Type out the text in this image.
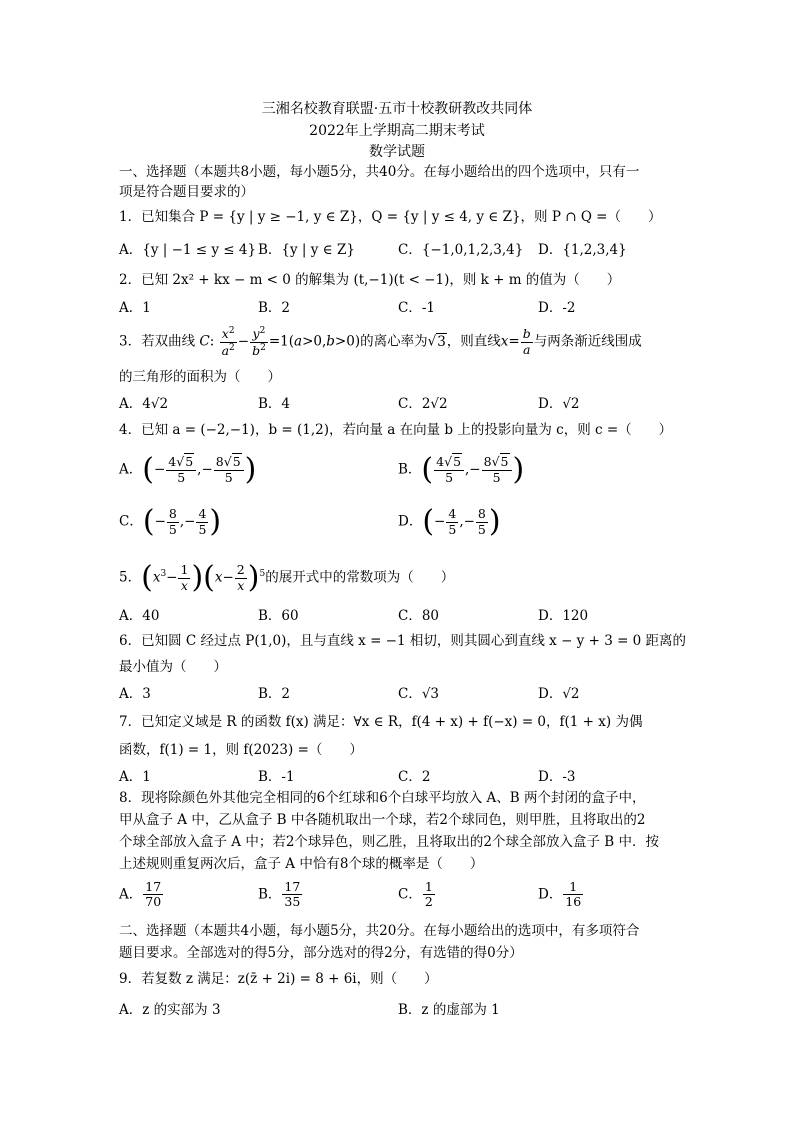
三湘名校教育联盟·五市十校教研教改共同体
2022年上学期高二期末考试
数学试题
一、选择题（本题共8小题，每小题5分，共40分。在每小题给出的四个选项中，只有一
项是符合题目要求的）
1．已知集合 P = {y | y ≥ −1, y ∈ Z}，Q = {y | y ≤ 4, y ∈ Z}，则 P ∩ Q =（　　）
A．{y | −1 ≤ y ≤ 4} B．{y | y ∈ Z}	C．{−1,0,1,2,3,4} D．{1,2,3,4}
2．已知 2x² + kx − m < 0 的解集为 (t,−1)(t < −1)，则 k + m 的值为（　　）
A．1	B．2	C．-1	D．-2
3．若双曲线 C: $\frac{x^2}{a^2} - \frac{y^2}{b^2} =1(a>0,b>0)$的离心率为√3，则直线$x= \frac{b}{a}$ 与两条渐近线围成
的三角形的面积为（　　）
A．4√2	B．4	C．2√2	D．√2
4．已知 a = (−2,−1)，b = (1,2)，若向量 a 在向量 b 上的投影向量为 c，则 c =（　　）
A．(− $\frac{4√5}{5}$ ,− $\frac{8√5}{5}$ )	B．( $\frac{4√5}{5}$ ,− $\frac{8√5}{5}$ )
C．(− $\frac{8}{5}$ ,− $\frac{4}{5}$ )	D．(− $\frac{4}{5}$ ,− $\frac{8}{5}$ )
5．$(x^3- \frac{1}{x} )(x- \frac{2}{x} )^5$的展开式中的常数项为（　　）
A．40	B．60	C．80	D．120
6．已知圆 C 经过点 P(1,0)，且与直线 x = −1 相切，则其圆心到直线 x − y + 3 = 0 距离的
最小值为（　　）
A．3	B．2	C．√3	D．√2
7．已知定义域是 R 的函数 f(x) 满足：∀x ∈ R，f(4 + x) + f(−x) = 0，f(1 + x) 为偶
函数，f(1) = 1，则 f(2023) =（　　）
A．1	B．-1	C．2	D．-3
8．现将除颜色外其他完全相同的6个红球和6个白球平均放入 A、B 两个封闭的盒子中，
甲从盒子 A 中，乙从盒子 B 中各随机取出一个球，若2个球同色，则甲胜，且将取出的2
个球全部放入盒子 A 中；若2个球异色，则乙胜，且将取出的2个球全部放入盒子 B 中．按
上述规则重复两次后，盒子 A 中恰有8个球的概率是（　　）
A． $\frac{17}{70}$	B． $\frac{17}{35}$	C． $\frac{1}{2}$	D． $\frac{1}{16}$
二、选择题（本题共4小题，每小题5分，共20分。在每小题给出的选项中，有多项符合
题目要求。全部选对的得5分，部分选对的得2分，有选错的得0分）
9．若复数 z 满足：z(z̄ + 2i) = 8 + 6i，则（　　）
A．z 的实部为 3	B．z 的虚部为 1
